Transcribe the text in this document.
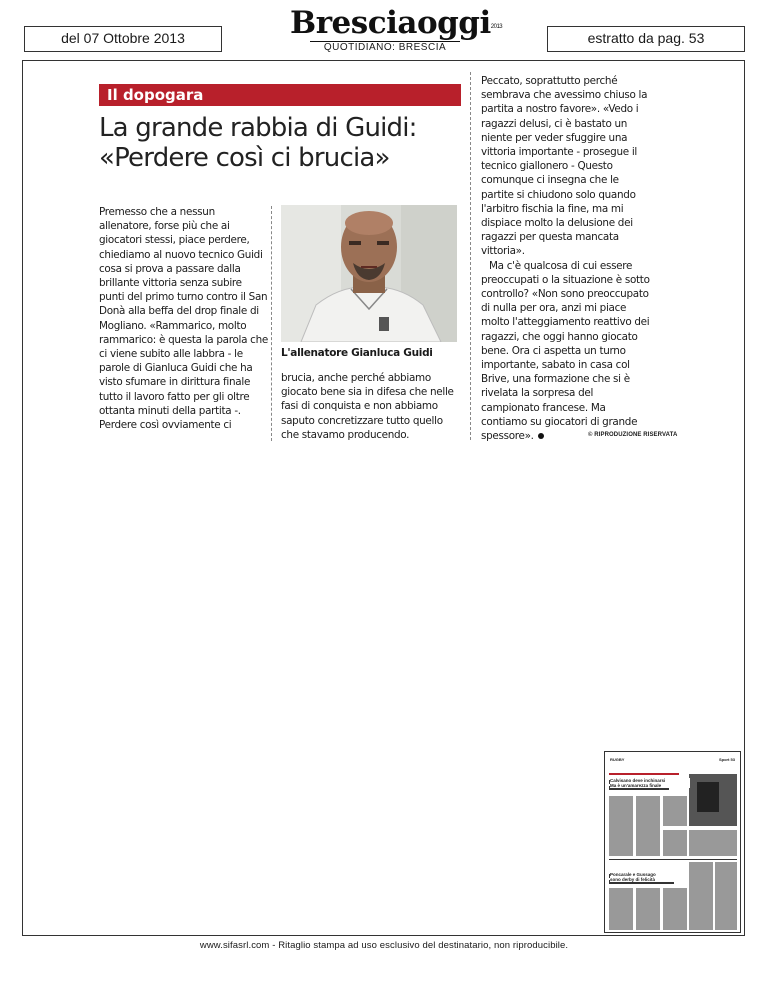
del 07 Ottobre 2013	Bresciaoggi$^{2013}$
QUOTIDIANO: BRESCIA
estratto da pag. 53
Il dopogara
La grande rabbia di Guidi:
«Perdere così ci brucia»

Premesso che a nessun allenatore, forse più che ai giocatori stessi, piace perdere, chiediamo al nuovo tecnico Guidi cosa si prova a passare dalla brillante vittoria senza subire punti del primo turno contro il San Donà alla beffa del drop finale di Mogliano. «Rammarico, molto rammarico: è questa la parola che ci viene subito alle labbra - le parole di Gianluca Guidi che ha visto sfumare in dirittura finale tutto il lavoro fatto per gli oltre ottanta minuti della partita -. Perdere così ovviamente ci

L'allenatore Gianluca Guidi

brucia, anche perché abbiamo giocato bene sia in difesa che nelle fasi di conquista e non abbiamo saputo concretizzare tutto quello che stavamo producendo.

Peccato, soprattutto perché sembrava che avessimo chiuso la partita a nostro favore». «Vedo i ragazzi delusi, ci è bastato un niente per veder sfuggire una vittoria importante - prosegue il tecnico giallonero - Questo comunque ci insegna che le partite si chiudono solo quando l'arbitro fischia la fine, ma mi dispiace molto la delusione dei ragazzi per questa mancata vittoria».

Ma c'è qualcosa di cui essere preoccupati o la situazione è sotto controllo? «Non sono preoccupato di nulla per ora, anzi mi piace molto l'atteggiamento reattivo dei ragazzi, che oggi hanno giocato bene. Ora ci aspetta un turno importante, sabato in casa col Brive, una formazione che si è rivelata la sorpresa del campionato francese. Ma contiamo su giocatori di grande spessore».	© RIPRODUZIONE RISERVATA
RUGBY	Sport 53
Calvisano deve inchinarsi
Ma è un'amarezza finale
Poncarale e Gussago
sono derby di felicità
www.sifasrl.com - Ritaglio stampa ad uso esclusivo del destinatario, non riproducibile.
